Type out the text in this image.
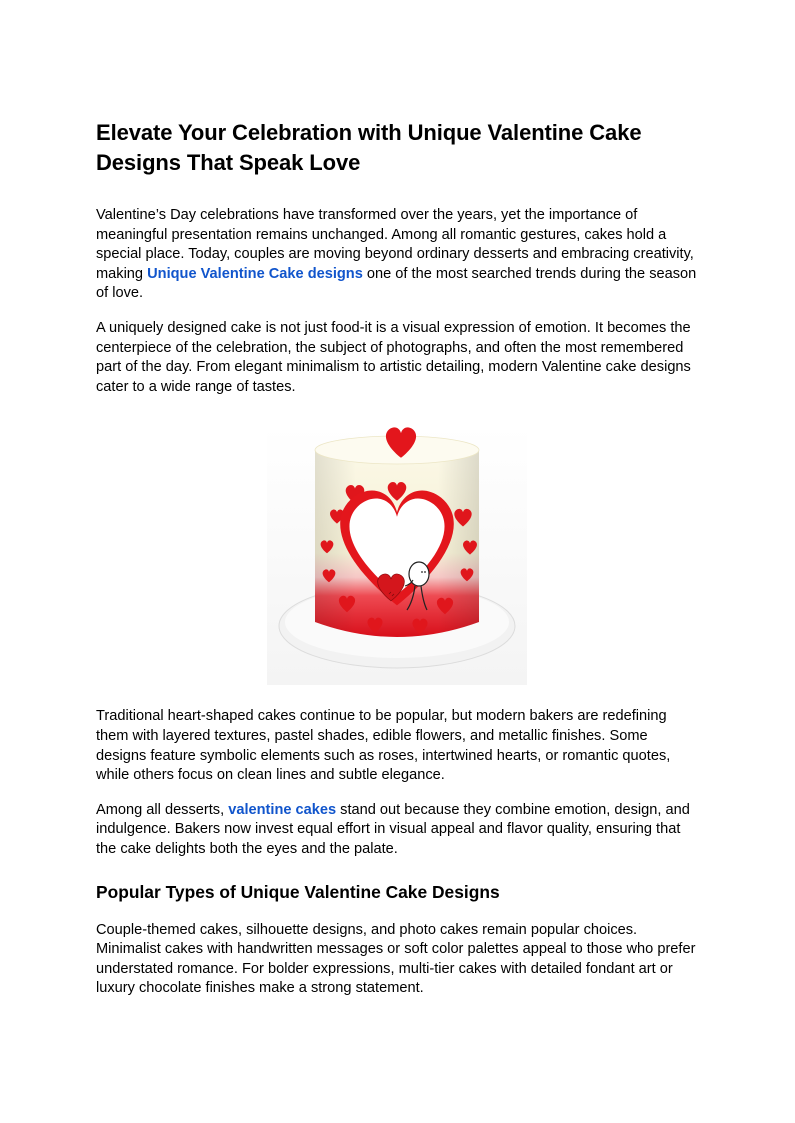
Elevate Your Celebration with Unique Valentine Cake Designs That Speak Love

Valentine’s Day celebrations have transformed over the years, yet the importance of meaningful presentation remains unchanged. Among all romantic gestures, cakes hold a special place. Today, couples are moving beyond ordinary desserts and embracing creativity, making Unique Valentine Cake designs one of the most searched trends during the season of love.

A uniquely designed cake is not just food-it is a visual expression of emotion. It becomes the centerpiece of the celebration, the subject of photographs, and often the most remembered part of the day. From elegant minimalism to artistic detailing, modern Valentine cake designs cater to a wide range of tastes.

Traditional heart-shaped cakes continue to be popular, but modern bakers are redefining them with layered textures, pastel shades, edible flowers, and metallic finishes. Some designs feature symbolic elements such as roses, intertwined hearts, or romantic quotes, while others focus on clean lines and subtle elegance.

Among all desserts, valentine cakes stand out because they combine emotion, design, and indulgence. Bakers now invest equal effort in visual appeal and flavor quality, ensuring that the cake delights both the eyes and the palate.

Popular Types of Unique Valentine Cake Designs

Couple-themed cakes, silhouette designs, and photo cakes remain popular choices. Minimalist cakes with handwritten messages or soft color palettes appeal to those who prefer understated romance. For bolder expressions, multi-tier cakes with detailed fondant art or luxury chocolate finishes make a strong statement.
